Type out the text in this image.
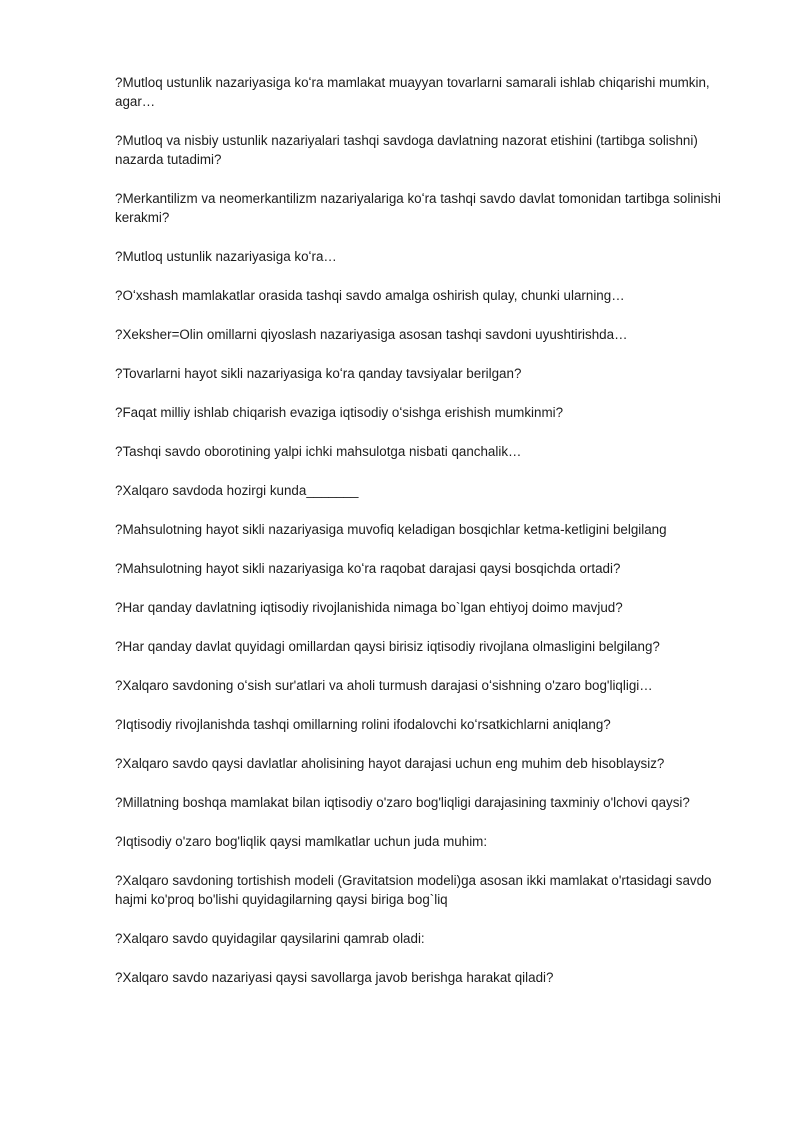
?Mutloq ustunlik nazariyasiga koʻra mamlakat muayyan tovarlarni samarali ishlab chiqarishi mumkin, agar…
?Mutloq va nisbiy ustunlik nazariyalari tashqi savdoga davlatning nazorat etishini (tartibga solishni) nazarda tutadimi?
?Merkantilizm va neomerkantilizm nazariyalariga koʻra tashqi savdo davlat tomonidan tartibga solinishi kerakmi?
?Mutloq ustunlik nazariyasiga koʻra…
?Oʻxshash mamlakatlar orasida tashqi savdo amalga oshirish qulay, chunki ularning…
?Xeksher=Olin omillarni qiyoslash nazariyasiga asosan tashqi savdoni uyushtirishda…
?Tovarlarni hayot sikli nazariyasiga koʻra qanday tavsiyalar berilgan?
?Faqat milliy ishlab chiqarish evaziga iqtisodiy oʻsishga erishish mumkinmi?
?Tashqi savdo oborotining yalpi ichki mahsulotga nisbati qanchalik…
?Xalqaro savdoda hozirgi kunda_______
?Mahsulotning hayot sikli nazariyasiga muvofiq keladigan bosqichlar ketma-ketligini belgilang
?Mahsulotning hayot sikli nazariyasiga koʻra raqobat darajasi qaysi bosqichda ortadi?
?Har qanday davlatning iqtisodiy rivojlanishida nimaga bo`lgan ehtiyoj doimo mavjud?
?Har qanday davlat quyidagi omillardan qaysi birisiz iqtisodiy rivojlana olmasligini belgilang?
?Xalqaro savdoning oʻsish sur'atlari va aholi turmush darajasi oʻsishning o'zaro bog'liqligi…
?Iqtisodiy rivojlanishda tashqi omillarning rolini ifodalovchi koʻrsatkichlarni aniqlang?
?Xalqaro savdo qaysi davlatlar aholisining hayot darajasi uchun eng muhim deb hisoblaysiz?
?Millatning boshqa mamlakat bilan iqtisodiy o'zaro bog'liqligi darajasining taxminiy o'lchovi qaysi?
?Iqtisodiy o'zaro bog'liqlik qaysi mamlkatlar uchun juda muhim:
?Xalqaro savdoning tortishish modeli (Gravitatsion modeli)ga asosan ikki mamlakat o'rtasidagi savdo hajmi ko'proq bo'lishi quyidagilarning qaysi biriga bog`liq
?Xalqaro savdo quyidagilar qaysilarini qamrab oladi:
?Xalqaro savdo nazariyasi qaysi savollarga javob berishga harakat qiladi?
